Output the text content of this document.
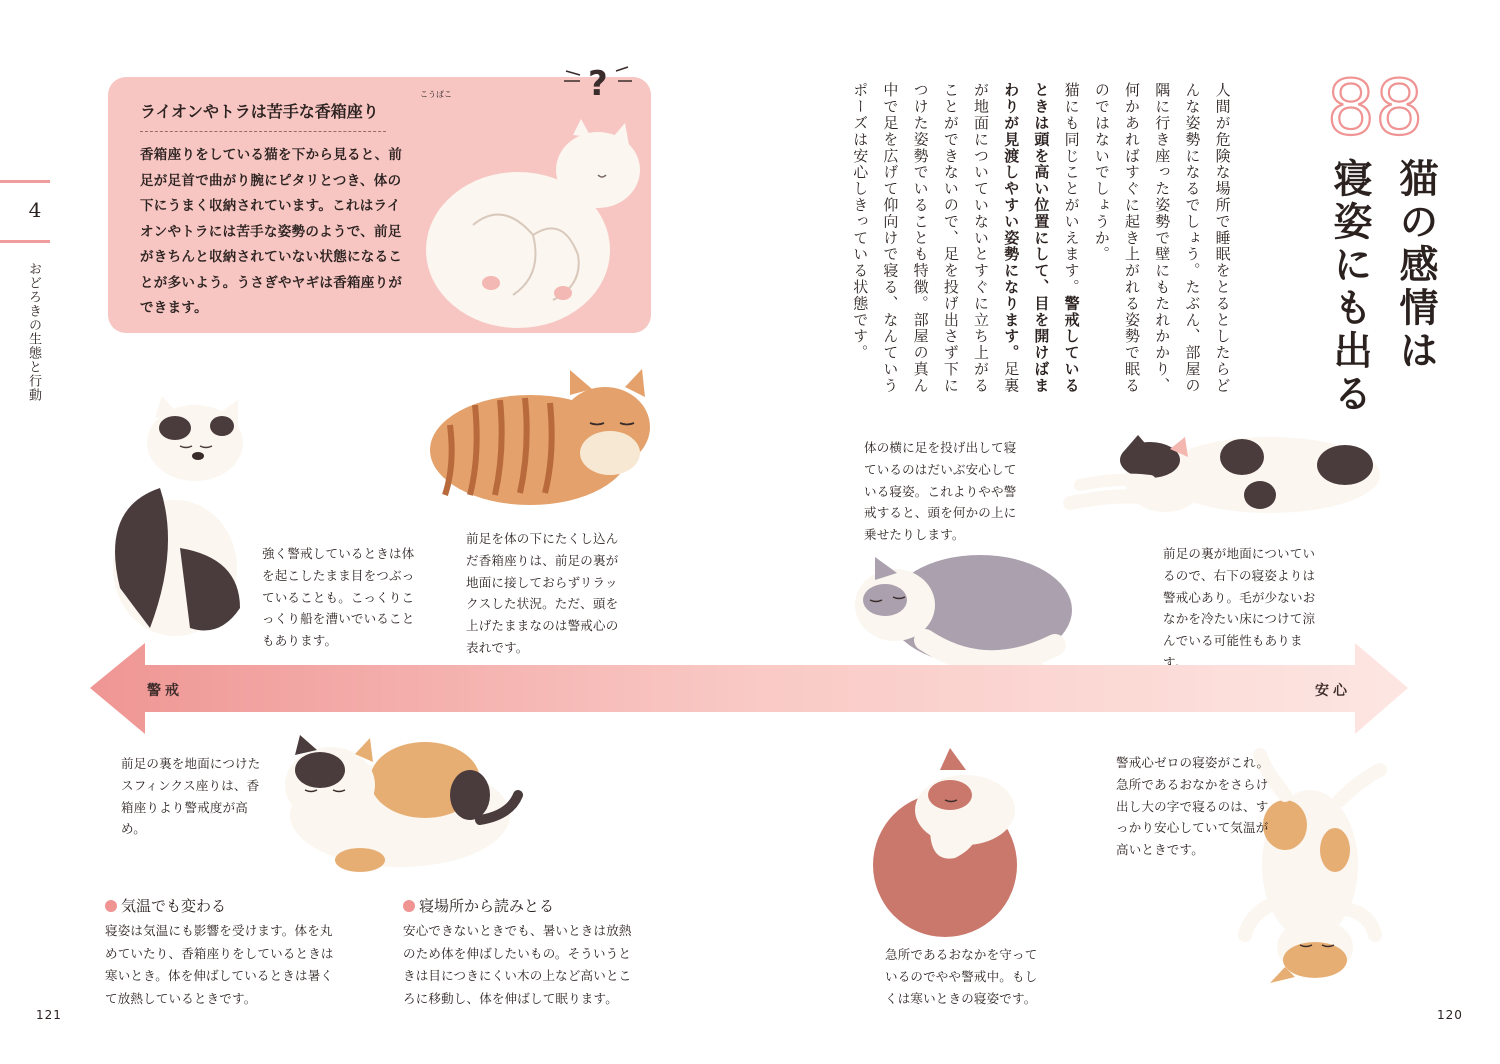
4
おどろきの生態と行動
こうばこ
ライオンやトラは苦手な香箱座り
香箱座りをしている猫を下から見ると、前足が足首で曲がり腕にピタリとつき、体の下にうまく収納されています。これはライオンやトラには苦手な姿勢のようで、前足がきちんと収納されていない状態になることが多いよう。うさぎやヤギは香箱座りができます。
?	88
猫の感情は
寝姿にも出る
人間が危険な場所で睡眠をとるとしたらどんな姿勢になるでしょう。たぶん、部屋の隅に行き座った姿勢で壁にもたれかかり、何かあればすぐに起き上がれる姿勢で眠るのではないでしょうか。
猫にも同じことがいえます。警戒しているときは頭を高い位置にして、目を開けばまわりが見渡しやすい姿勢になります。足裏が地面についていないとすぐに立ち上がることができないので、足を投げ出さず下につけた姿勢でいることも特徴。部屋の真ん中で足を広げて仰向けで寝る、なんていうポーズは安心しきっている状態です。
強く警戒しているときは体を起こしたまま目をつぶっていることも。こっくりこっくり船を漕いでいることもあります。
前足を体の下にたくし込んだ香箱座りは、前足の裏が地面に接しておらずリラックスした状況。ただ、頭を上げたままなのは警戒心の表れです。
体の横に足を投げ出して寝ているのはだいぶ安心している寝姿。これよりやや警戒すると、頭を何かの上に乗せたりします。
前足の裏が地面についているので、右下の寝姿よりは警戒心あり。毛が少ないおなかを冷たい床につけて涼んでいる可能性もあります。
警戒	安心
前足の裏を地面につけたスフィンクス座りは、香箱座りより警戒度が高め。
急所であるおなかを守っているのでやや警戒中。もしくは寒いときの寝姿です。
警戒心ゼロの寝姿がこれ。急所であるおなかをさらけ出し大の字で寝るのは、すっかり安心していて気温が高いときです。
気温でも変わる
寝姿は気温にも影響を受けます。体を丸めていたり、香箱座りをしているときは寒いとき。体を伸ばしているときは暑くて放熱しているときです。
寝場所から読みとる
安心できないときでも、暑いときは放熱のため体を伸ばしたいもの。そういうときは目につきにくい木の上など高いところに移動し、体を伸ばして眠ります。
121	120
